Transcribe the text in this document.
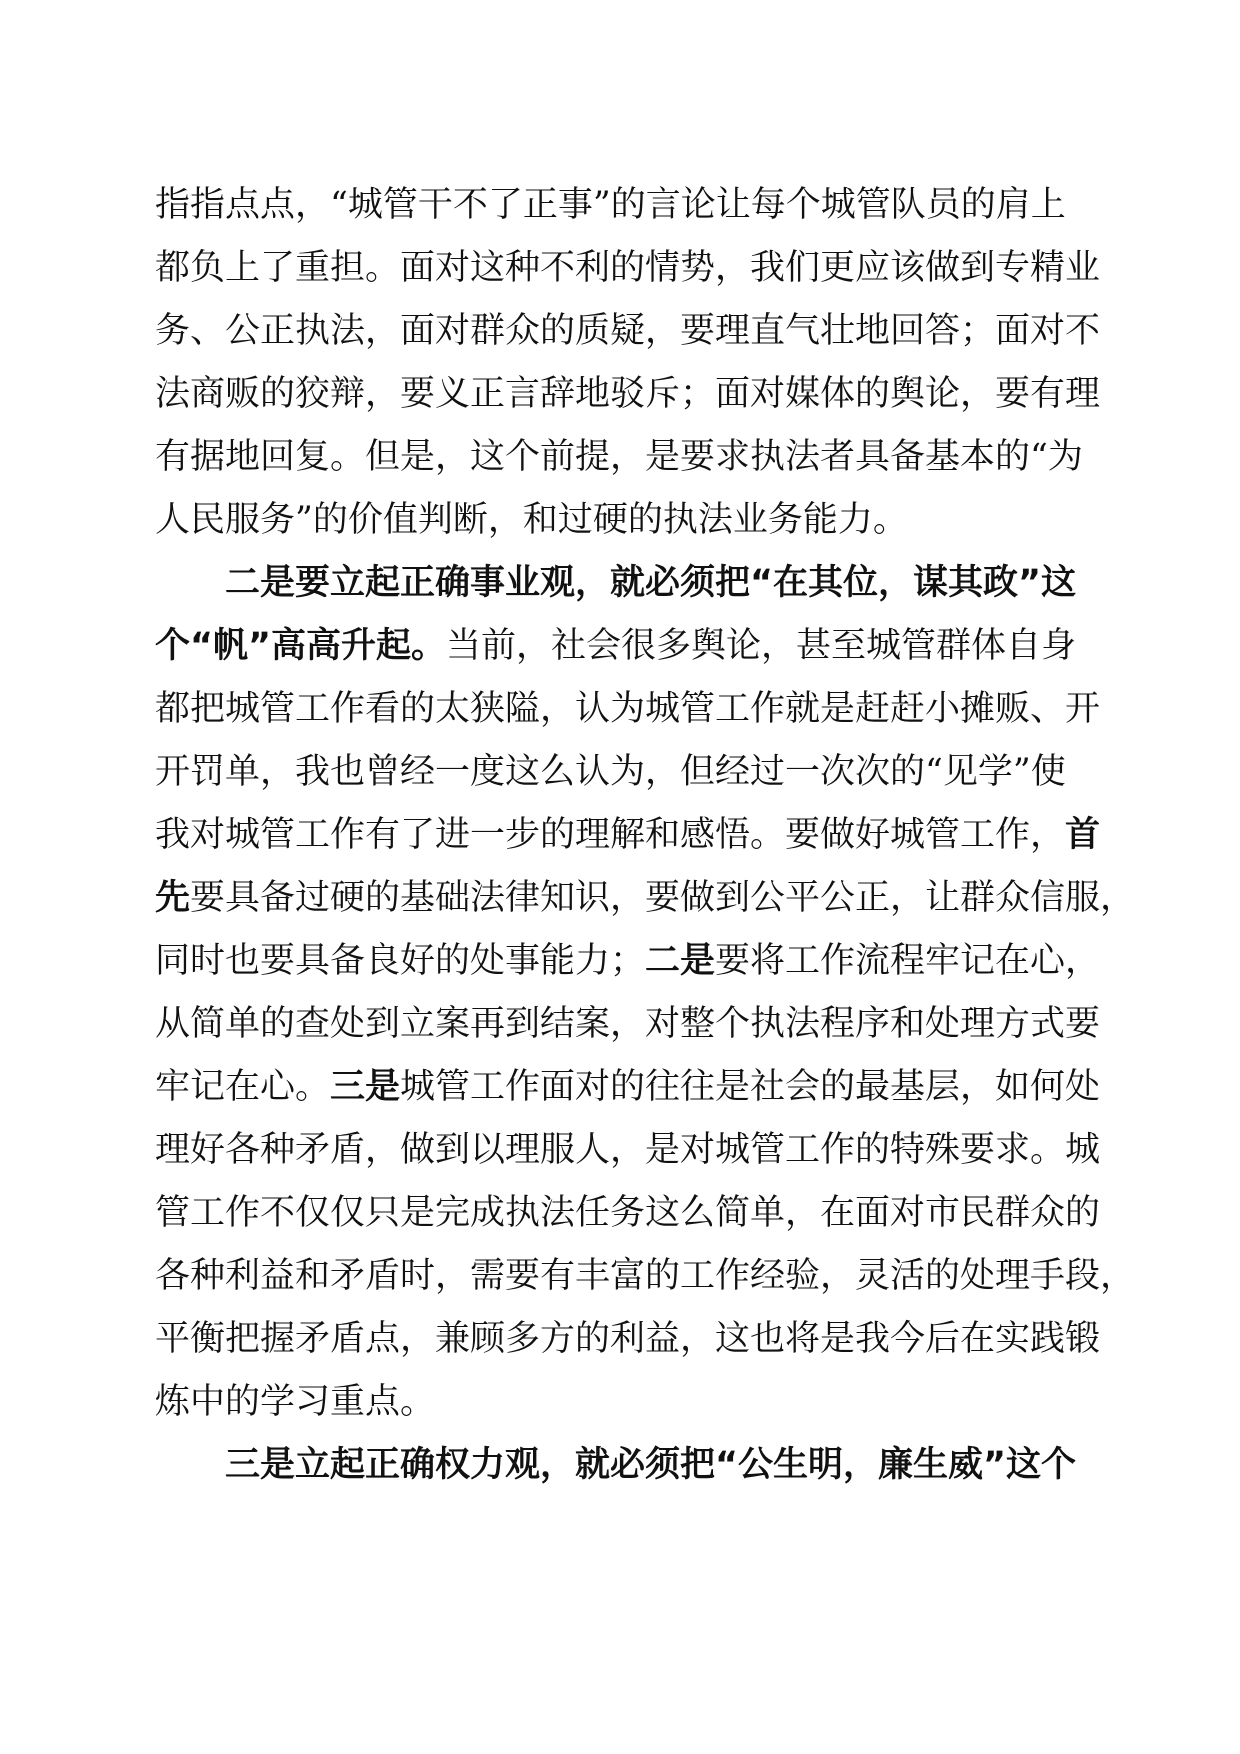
指指点点，“城管干不了正事”的言论让每个城管队员的肩上
都负上了重担。面对这种不利的情势，我们更应该做到专精业
务、公正执法，面对群众的质疑，要理直气壮地回答；面对不
法商贩的狡辩，要义正言辞地驳斥；面对媒体的舆论，要有理
有据地回复。但是，这个前提，是要求执法者具备基本的“为
人民服务”的价值判断，和过硬的执法业务能力。
二是要立起正确事业观，就必须把“在其位，谋其政”这
个“帆”高高升起。当前，社会很多舆论，甚至城管群体自身
都把城管工作看的太狭隘，认为城管工作就是赶赶小摊贩、开
开罚单，我也曾经一度这么认为，但经过一次次的“见学”使
我对城管工作有了进一步的理解和感悟。要做好城管工作，首
先要具备过硬的基础法律知识，要做到公平公正，让群众信服，
同时也要具备良好的处事能力；二是要将工作流程牢记在心，
从简单的查处到立案再到结案，对整个执法程序和处理方式要
牢记在心。三是城管工作面对的往往是社会的最基层，如何处
理好各种矛盾，做到以理服人，是对城管工作的特殊要求。城
管工作不仅仅只是完成执法任务这么简单，在面对市民群众的
各种利益和矛盾时，需要有丰富的工作经验，灵活的处理手段，
平衡把握矛盾点，兼顾多方的利益，这也将是我今后在实践锻
炼中的学习重点。
三是立起正确权力观，就必须把“公生明，廉生威”这个
